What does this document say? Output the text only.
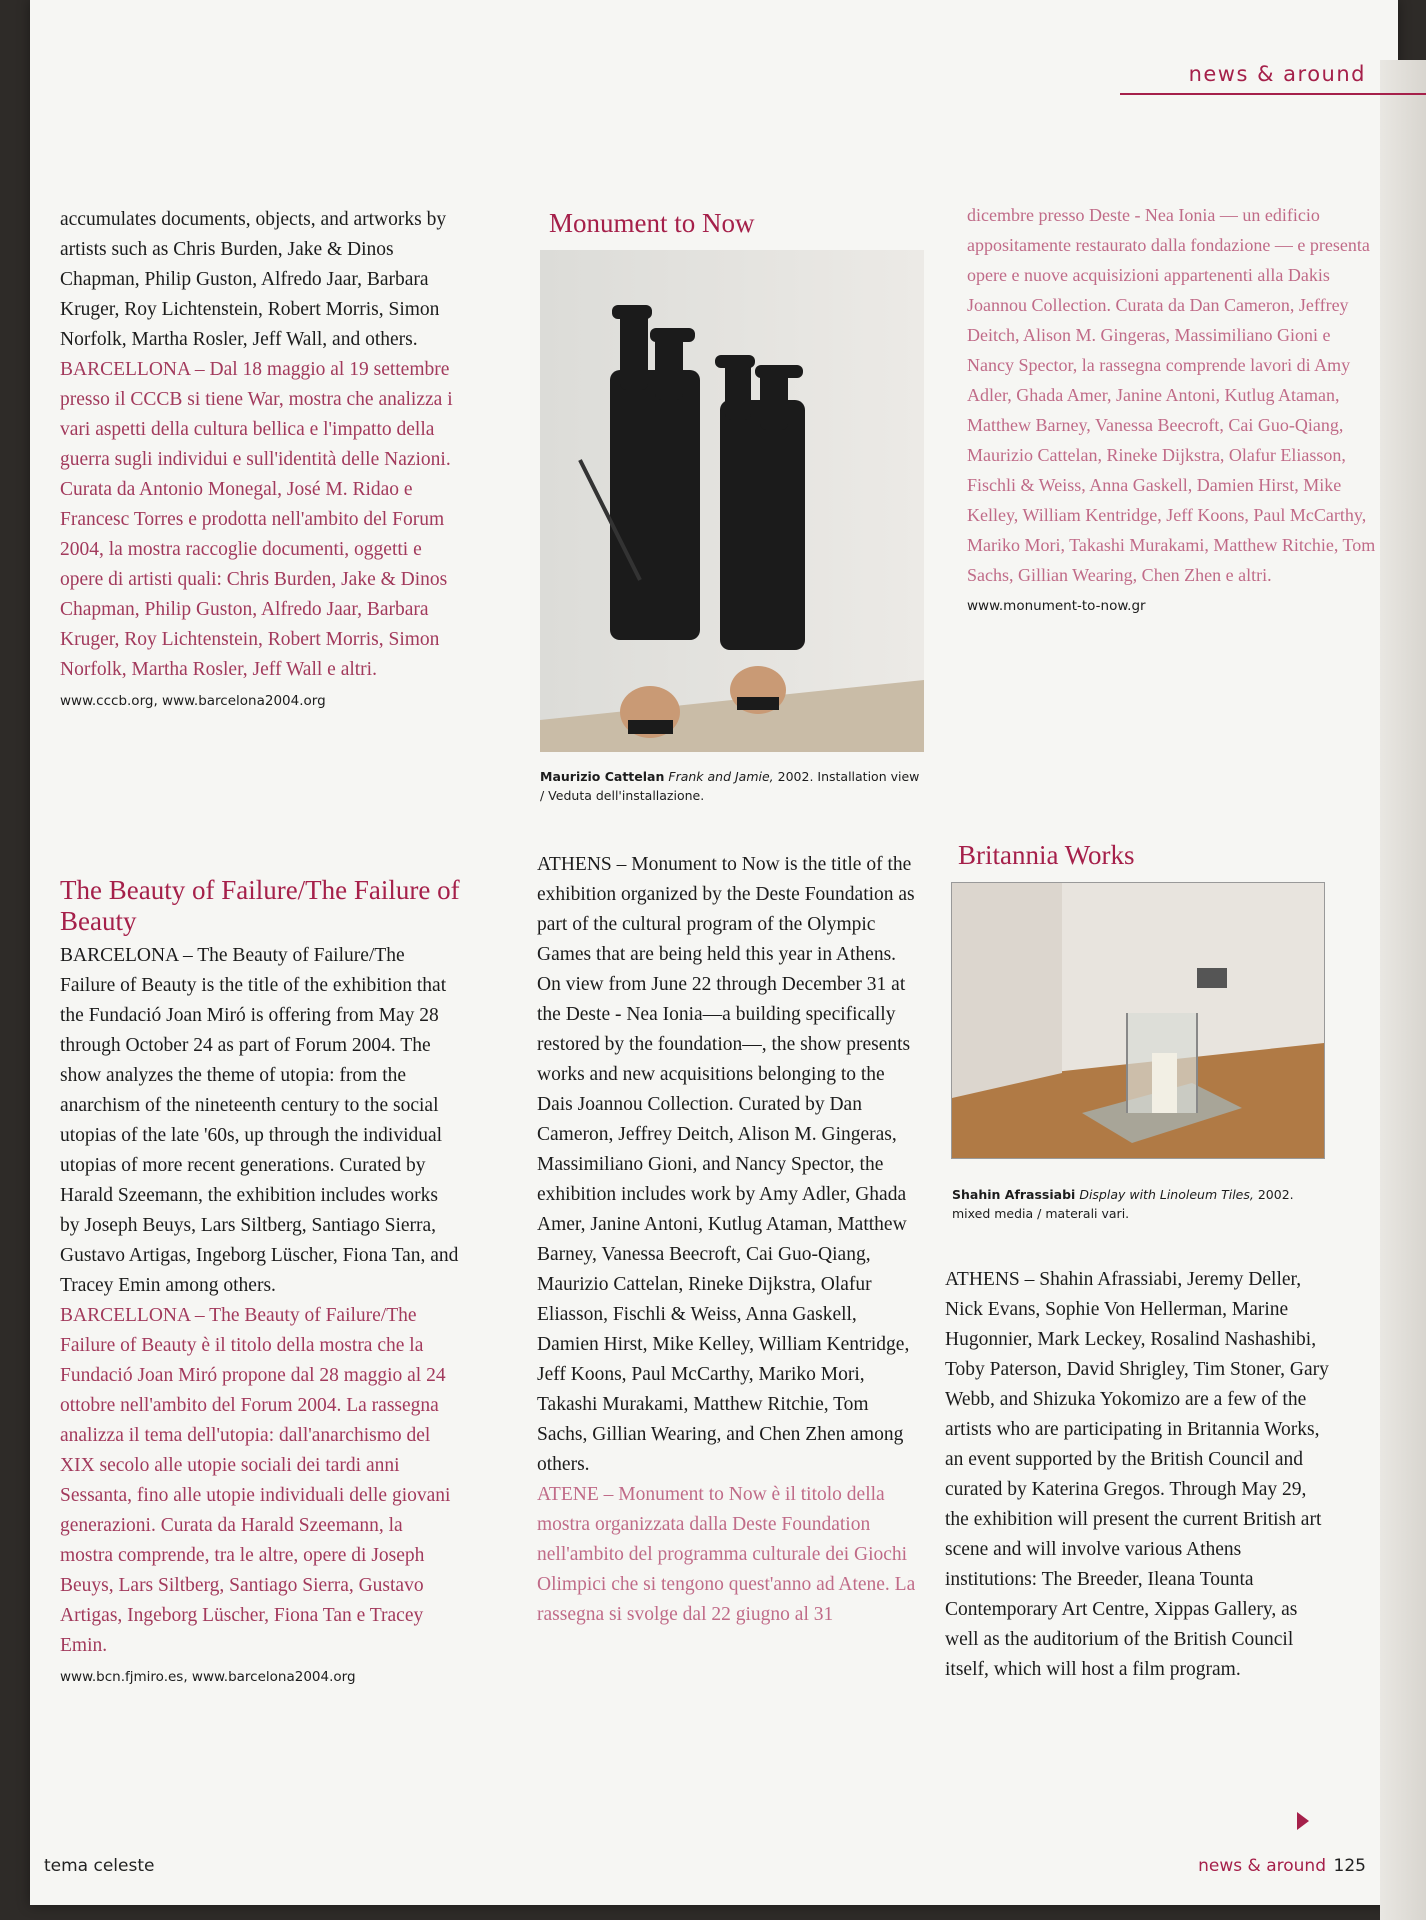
news & around

accumulates documents, objects, and artworks by artists such as Chris Burden, Jake & Dinos Chapman, Philip Guston, Alfredo Jaar, Barbara Kruger, Roy Lichtenstein, Robert Morris, Simon Norfolk, Martha Rosler, Jeff Wall, and others.

BARCELLONA – Dal 18 maggio al 19 settembre presso il CCCB si tiene War, mostra che analizza i vari aspetti della cultura bellica e l'impatto della guerra sugli individui e sull'identità delle Nazioni. Curata da Antonio Monegal, José M. Ridao e Francesc Torres e prodotta nell'ambito del Forum 2004, la mostra raccoglie documenti, oggetti e opere di artisti quali: Chris Burden, Jake & Dinos Chapman, Philip Guston, Alfredo Jaar, Barbara Kruger, Roy Lichtenstein, Robert Morris, Simon Norfolk, Martha Rosler, Jeff Wall e altri.

www.cccb.org, www.barcelona2004.org
The Beauty of Failure/The Failure of Beauty

BARCELONA – The Beauty of Failure/The Failure of Beauty is the title of the exhibition that the Fundació Joan Miró is offering from May 28 through October 24 as part of Forum 2004. The show analyzes the theme of utopia: from the anarchism of the nineteenth century to the social utopias of the late '60s, up through the individual utopias of more recent generations. Curated by Harald Szeemann, the exhibition includes works by Joseph Beuys, Lars Siltberg, Santiago Sierra, Gustavo Artigas, Ingeborg Lüscher, Fiona Tan, and Tracey Emin among others.

BARCELLONA – The Beauty of Failure/The Failure of Beauty è il titolo della mostra che la Fundació Joan Miró propone dal 28 maggio al 24 ottobre nell'ambito del Forum 2004. La rassegna analizza il tema dell'utopia: dall'anarchismo del XIX secolo alle utopie sociali dei tardi anni Sessanta, fino alle utopie individuali delle giovani generazioni. Curata da Harald Szeemann, la mostra comprende, tra le altre, opere di Joseph Beuys, Lars Siltberg, Santiago Sierra, Gustavo Artigas, Ingeborg Lüscher, Fiona Tan e Tracey Emin.

www.bcn.fjmiro.es, www.barcelona2004.org
Monument to Now
Maurizio Cattelan Frank and Jamie, 2002. Installation view / Veduta dell'installazione.

ATHENS – Monument to Now is the title of the exhibition organized by the Deste Foundation as part of the cultural program of the Olympic Games that are being held this year in Athens. On view from June 22 through December 31 at the Deste - Nea Ionia—a building specifically restored by the foundation—, the show presents works and new acquisitions belonging to the Dais Joannou Collection. Curated by Dan Cameron, Jeffrey Deitch, Alison M. Gingeras, Massimiliano Gioni, and Nancy Spector, the exhibition includes work by Amy Adler, Ghada Amer, Janine Antoni, Kutlug Ataman, Matthew Barney, Vanessa Beecroft, Cai Guo-Qiang, Maurizio Cattelan, Rineke Dijkstra, Olafur Eliasson, Fischli & Weiss, Anna Gaskell, Damien Hirst, Mike Kelley, William Kentridge, Jeff Koons, Paul McCarthy, Mariko Mori, Takashi Murakami, Matthew Ritchie, Tom Sachs, Gillian Wearing, and Chen Zhen among others.

ATENE – Monument to Now è il titolo della mostra organizzata dalla Deste Foundation nell'ambito del programma culturale dei Giochi Olimpici che si tengono quest'anno ad Atene. La rassegna si svolge dal 22 giugno al 31

dicembre presso Deste - Nea Ionia — un edificio appositamente restaurato dalla fondazione — e presenta opere e nuove acquisizioni appartenenti alla Dakis Joannou Collection. Curata da Dan Cameron, Jeffrey Deitch, Alison M. Gingeras, Massimiliano Gioni e Nancy Spector, la rassegna comprende lavori di Amy Adler, Ghada Amer, Janine Antoni, Kutlug Ataman, Matthew Barney, Vanessa Beecroft, Cai Guo-Qiang, Maurizio Cattelan, Rineke Dijkstra, Olafur Eliasson, Fischli & Weiss, Anna Gaskell, Damien Hirst, Mike Kelley, William Kentridge, Jeff Koons, Paul McCarthy, Mariko Mori, Takashi Murakami, Matthew Ritchie, Tom Sachs, Gillian Wearing, Chen Zhen e altri.

www.monument-to-now.gr
Britannia Works
Shahin Afrassiabi Display with Linoleum Tiles, 2002. mixed media / materali vari.

ATHENS – Shahin Afrassiabi, Jeremy Deller, Nick Evans, Sophie Von Hellerman, Marine Hugonnier, Mark Leckey, Rosalind Nashashibi, Toby Paterson, David Shrigley, Tim Stoner, Gary Webb, and Shizuka Yokomizo are a few of the artists who are participating in Britannia Works, an event supported by the British Council and curated by Katerina Gregos. Through May 29, the exhibition will present the current British art scene and will involve various Athens institutions: The Breeder, Ileana Tounta Contemporary Art Centre, Xippas Gallery, as well as the auditorium of the British Council itself, which will host a film program.

tema celeste	news & around 125
